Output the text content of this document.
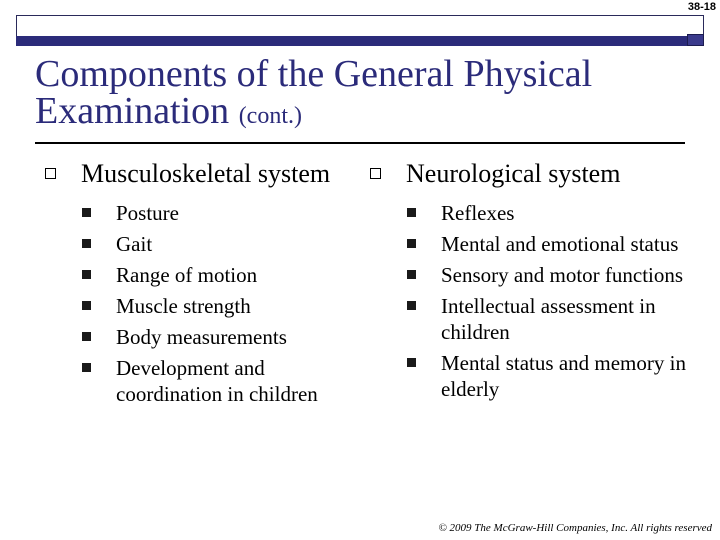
38-18
Components of the General Physical Examination (cont.)
Musculoskeletal system
Posture
Gait
Range of motion
Muscle strength
Body measurements
Development and coordination in children
Neurological system
Reflexes
Mental and emotional status
Sensory and motor functions
Intellectual assessment in children
Mental status and memory in elderly
© 2009 The McGraw-Hill Companies, Inc. All rights reserved
